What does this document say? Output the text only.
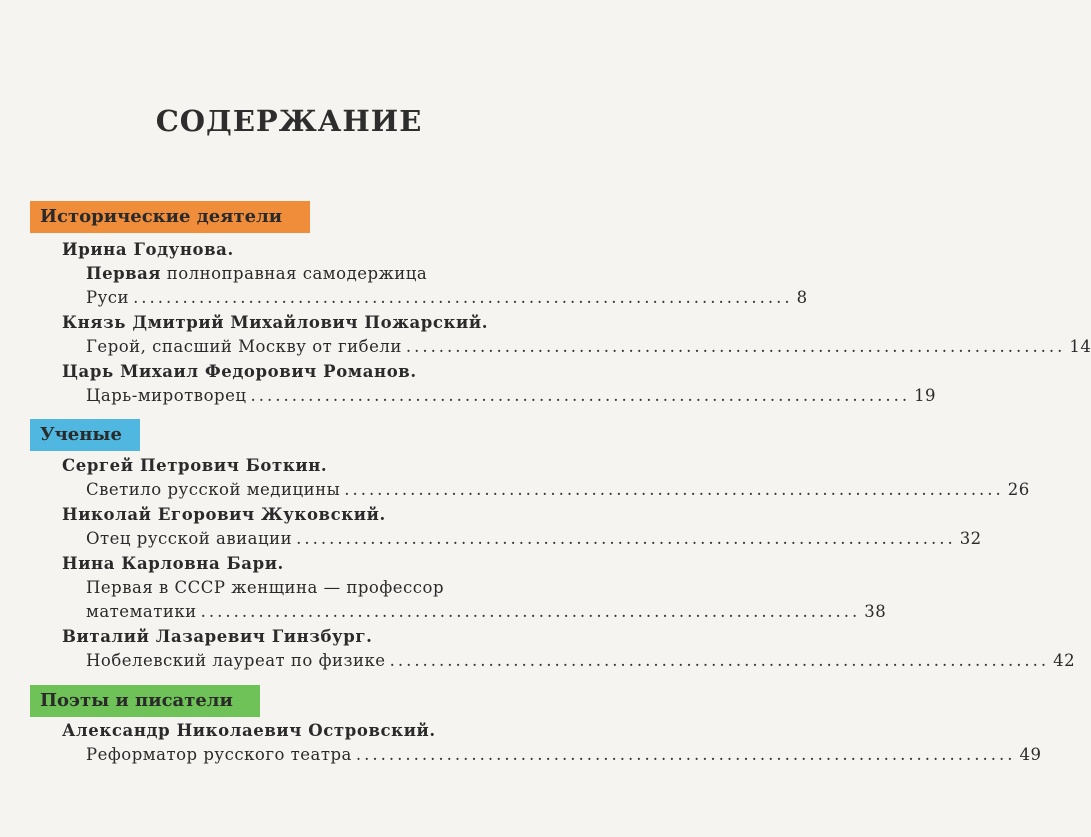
СОДЕРЖАНИЕ
Исторические деятели
Ирина Годунова.
Первая полноправная самодержица
Руси ................................................................................ 8
Князь Дмитрий Михайлович Пожарский.
Герой, спасший Москву от гибели ................................................................................ 14
Царь Михаил Федорович Романов.
Царь-миротворец ................................................................................ 19
Ученые
Сергей Петрович Боткин.
Светило русской медицины ................................................................................ 26
Николай Егорович Жуковский.
Отец русской авиации ................................................................................ 32
Нина Карловна Бари.
Первая в СССР женщина — профессор
математики ................................................................................ 38
Виталий Лазаревич Гинзбург.
Нобелевский лауреат по физике ................................................................................ 42
Поэты и писатели
Александр Николаевич Островский.
Реформатор русского театра ................................................................................ 49
